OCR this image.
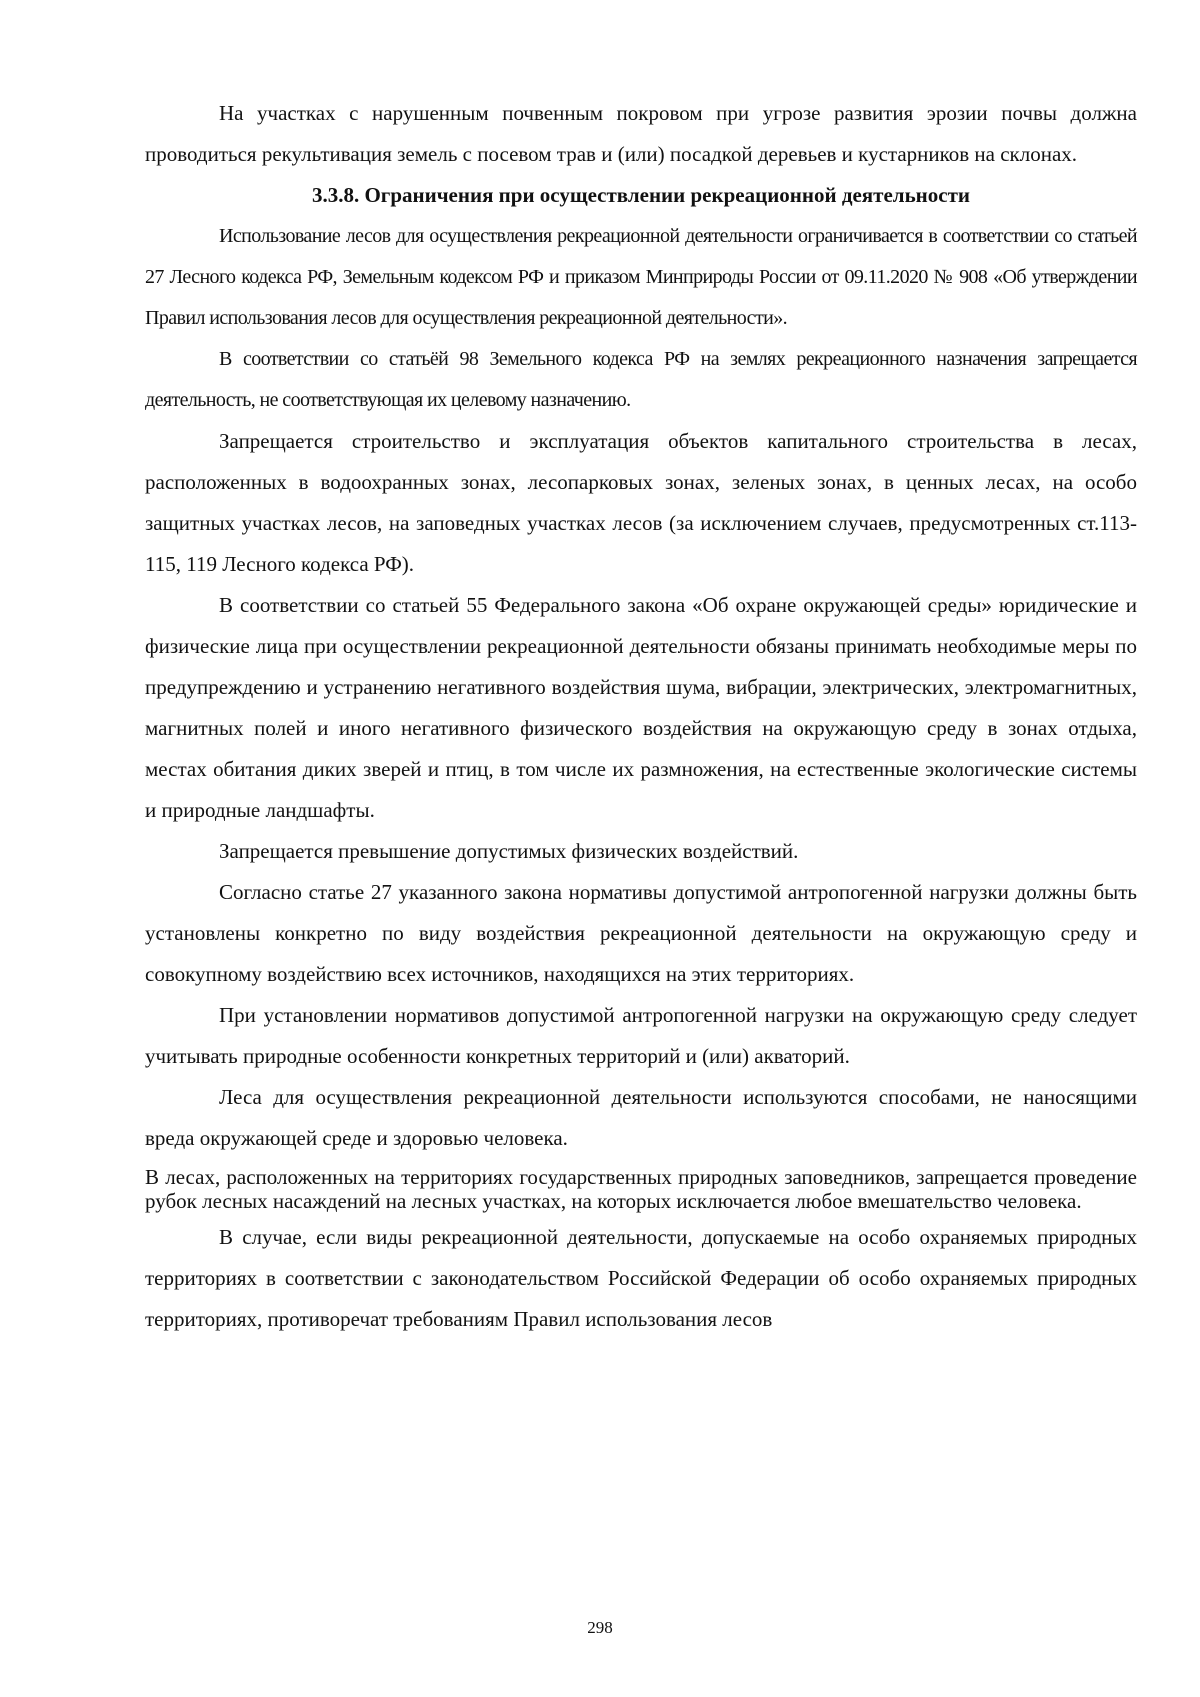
На участках с нарушенным почвенным покровом при угрозе развития эрозии почвы должна проводиться рекультивация земель с посевом трав и (или) посадкой деревьев и кустарников на склонах.

3.3.8. Ограничения при осуществлении рекреационной деятельности

Использование лесов для осуществления рекреационной деятельности ограничивается в соответствии со статьей 27 Лесного кодекса РФ, Земельным кодексом РФ и приказом Минприроды России от 09.11.2020 № 908 «Об утверждении Правил использования лесов для осуществления рекреационной деятельности».

В соответствии со статьёй 98 Земельного кодекса РФ на землях рекреационного назначения запрещается деятельность, не соответствующая их целевому назначению.

Запрещается строительство и эксплуатация объектов капитального строительства в лесах, расположенных в водоохранных зонах, лесопарковых зонах, зеленых зонах, в ценных лесах, на особо защитных участках лесов, на заповедных участках лесов (за исключением случаев, предусмотренных ст.113-115, 119 Лесного кодекса РФ).

В соответствии со статьей 55 Федерального закона «Об охране окружающей среды» юридические и физические лица при осуществлении рекреационной деятельности обязаны принимать необходимые меры по предупреждению и устранению негативного воздействия шума, вибрации, электрических, электромагнитных, магнитных полей и иного негативного физического воздействия на окружающую среду в зонах отдыха, местах обитания диких зверей и птиц, в том числе их размножения, на естественные экологические системы и природные ландшафты.

Запрещается превышение допустимых физических воздействий.

Согласно статье 27 указанного закона нормативы допустимой антропогенной нагрузки должны быть установлены конкретно по виду воздействия рекреационной деятельности на окружающую среду и совокупному воздействию всех источников, находящихся на этих территориях.

При установлении нормативов допустимой антропогенной нагрузки на окружающую среду следует учитывать природные особенности конкретных территорий и (или) акваторий.

Леса для осуществления рекреационной деятельности используются способами, не наносящими вреда окружающей среде и здоровью человека.

В лесах, расположенных на территориях государственных природных заповедников, запрещается проведение рубок лесных насаждений на лесных участках, на которых исключается любое вмешательство человека.

В случае, если виды рекреационной деятельности, допускаемые на особо охраняемых природных территориях в соответствии с законодательством Российской Федерации об особо охраняемых природных территориях, противоречат требованиям Правил использования лесов

298
